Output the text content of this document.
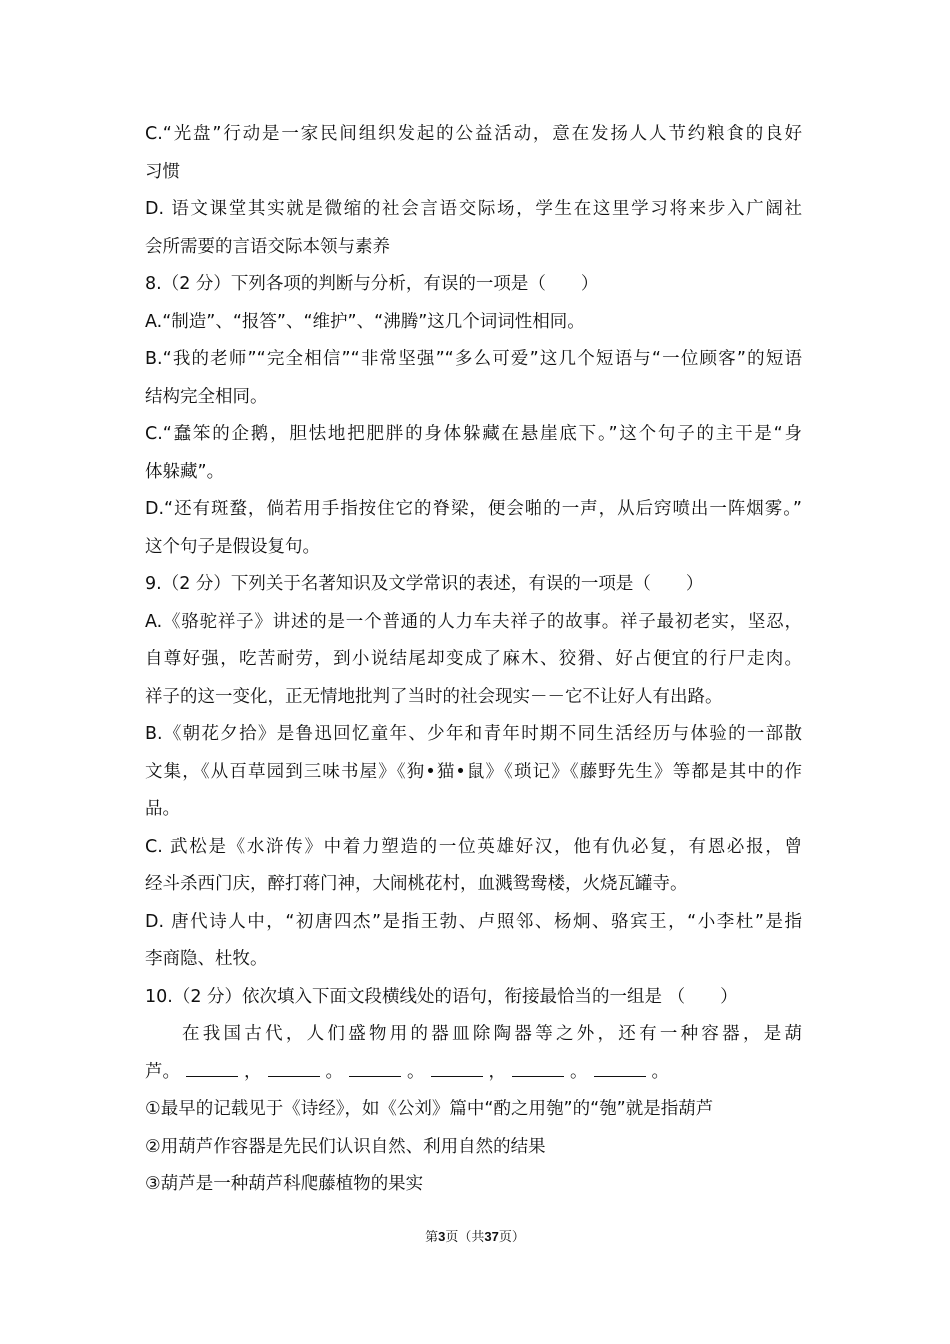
C.“光盘”行动是一家民间组织发起的公益活动，意在发扬人人节约粮食的良好
习惯
D. 语文课堂其实就是微缩的社会言语交际场，学生在这里学习将来步入广阔社
会所需要的言语交际本领与素养
8.（2 分）下列各项的判断与分析，有误的一项是（　　）
A.“制造”、“报答”、“维护”、“沸腾”这几个词词性相同。
B.“我的老师”“完全相信”“非常坚强”“多么可爱”这几个短语与“一位顾客”的短语
结构完全相同。
C.“蠢笨的企鹅，胆怯地把肥胖的身体躲藏在悬崖底下。”这个句子的主干是“身
体躲藏”。
D.“还有斑蝥，倘若用手指按住它的脊梁，便会啪的一声，从后窍喷出一阵烟雾。”
这个句子是假设复句。
9.（2 分）下列关于名著知识及文学常识的表述，有误的一项是（　　）
A.《骆驼祥子》讲述的是一个普通的人力车夫祥子的故事。祥子最初老实，坚忍，
自尊好强，吃苦耐劳，到小说结尾却变成了麻木、狡猾、好占便宜的行尸走肉。
祥子的这一变化，正无情地批判了当时的社会现实－－它不让好人有出路。
B.《朝花夕拾》是鲁迅回忆童年、少年和青年时期不同生活经历与体验的一部散
文集，《从百草园到三味书屋》《狗•猫•鼠》《琐记》《藤野先生》等都是其中的作
品。
C. 武松是《水浒传》中着力塑造的一位英雄好汉，他有仇必复，有恩必报，曾
经斗杀西门庆，醉打蒋门神，大闹桃花村，血溅鸳鸯楼，火烧瓦罐寺。
D. 唐代诗人中，“初唐四杰”是指王勃、卢照邻、杨炯、骆宾王，“小李杜”是指
李商隐、杜牧。
10.（2 分）依次填入下面文段横线处的语句，衔接最恰当的一组是 （　　）
在我国古代，人们盛物用的器皿除陶器等之外，还有一种容器，是葫
芦。	，	。	。	，	。	。
①最早的记载见于《诗经》，如《公刘》篇中“酌之用匏”的“匏”就是指葫芦
②用葫芦作容器是先民们认识自然、利用自然的结果
③葫芦是一种葫芦科爬藤植物的果实
第3页（共37页）
